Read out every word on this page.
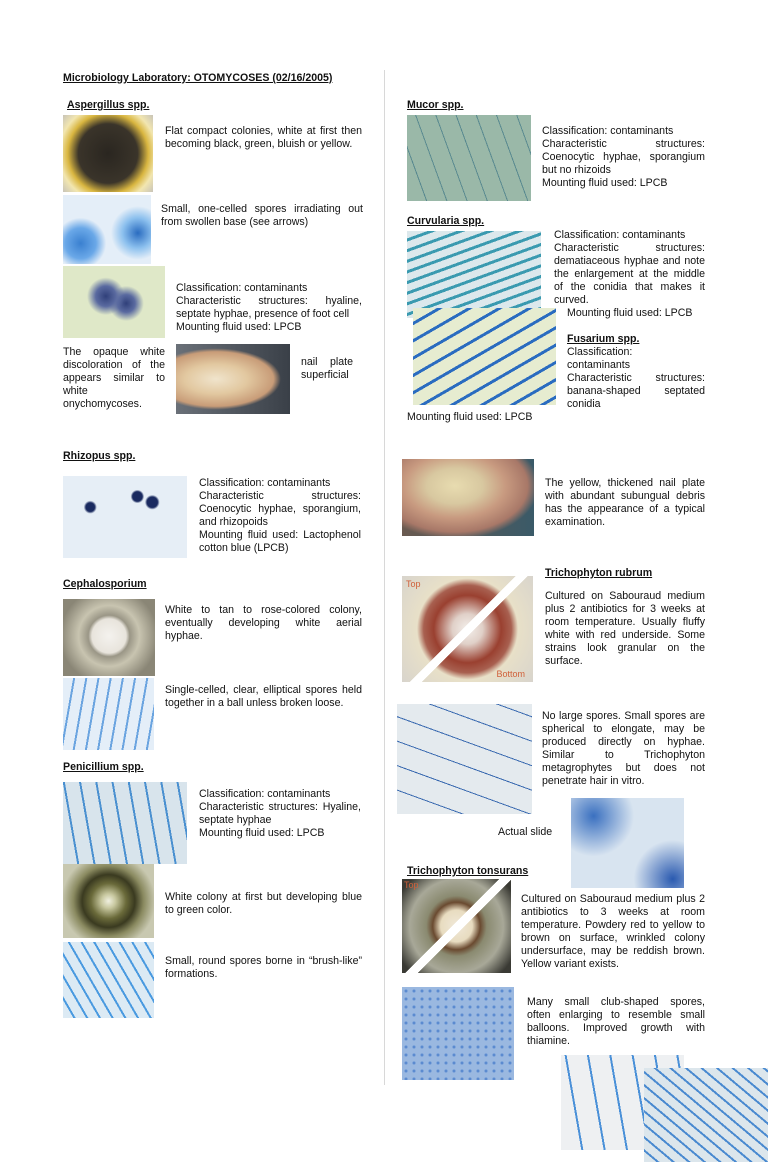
Microbiology Laboratory: OTOMYCOSES (02/16/2005)
Aspergillus spp.
Flat compact colonies, white at first then becoming black, green, bluish or yellow.
Small, one-celled spores irradiating out from swollen base (see arrows)
Classification: contaminants
Characteristic structures: hyaline, septate hyphae, presence of foot cell
Mounting fluid used: LPCB
The opaque white discoloration of the appears similar to white onychomycoses.
nail plate superficial
Rhizopus spp.
Classification: contaminants
Characteristic structures: Coenocytic hyphae, sporangium, and rhizopoids
Mounting fluid used: Lactophenol cotton blue (LPCB)
Cephalosporium
White to tan to rose-colored colony, eventually developing white aerial hyphae.
Single-celled, clear, elliptical spores held together in a ball unless broken loose.
Penicillium spp.
Classification: contaminants
Characteristic structures: Hyaline, septate hyphae
Mounting fluid used: LPCB
White colony at first but developing blue to green color.
Small, round spores borne in “brush-like” formations.
Mucor spp.
Classification: contaminants
Characteristic structures: Coenocytic hyphae, sporangium but no rhizoids
Mounting fluid used: LPCB
Curvularia spp.
Classification: contaminants
Characteristic structures: dematiaceous hyphae and note the enlargement at the middle of the conidia that makes it curved.
Mounting fluid used: LPCB
Fusarium spp.
Classification:
contaminants
Characteristic structures: banana-shaped septated conidia
Mounting fluid used: LPCB
The yellow, thickened nail plate with abundant subungual debris has the appearance of a typical examination.
Trichophyton rubrum
Top
Bottom
Cultured on Sabouraud medium plus 2 antibiotics for 3 weeks at room temperature. Usually fluffy white with red underside. Some strains look granular on the surface.
No large spores. Small spores are spherical to elongate, may be produced directly on hyphae. Similar to Trichophyton metagrophytes but does not penetrate hair in vitro.
Actual slide
Trichophyton tonsurans
Top
Cultured on Sabouraud medium plus 2 antibiotics to 3 weeks at room temperature. Powdery red to yellow to brown on surface, wrinkled colony undersurface, may be reddish brown. Yellow variant exists.
Many small club-shaped spores, often enlarging to resemble small balloons. Improved growth with thiamine.
